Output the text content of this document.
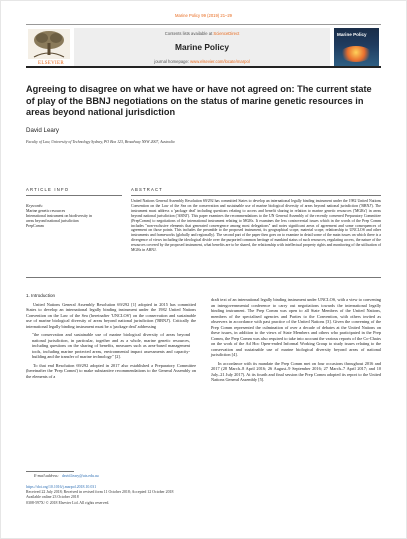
Marine Policy 99 (2019) 21–29
ELSEVIER
Contents lists available at ScienceDirect
Marine Policy
journal homepage: www.elsevier.com/locate/marpol
Marine Policy
Agreeing to disagree on what we have or have not agreed on: The current state of play of the BBNJ negotiations on the status of marine genetic resources in areas beyond national jurisdiction
David Leary
Faculty of Law, University of Technology Sydney, PO Box 123, Broadway NSW 2007, Australia
ARTICLE INFO	ABSTRACT
Keywords:
Marine genetic resources
International instrument on biodiversity in
areas beyond national jurisdiction
PrepComm
United Nations General Assembly Resolution 69/292 has committed States to develop an international legally binding instrument under the 1982 United Nations Convention on the Law of the Sea on the conservation and sustainable use of marine biological diversity of areas beyond national jurisdiction ('BBNJ'). The instrument must address a 'package deal' including questions relating to access and benefit sharing in relation to marine genetic resources ('MGRs') in areas beyond national jurisdiction ('ABNJ'). This paper examines the recommendations to the UN General Assembly of the recently convened Preparatory Committee (PrepComm) to negotiations of the international instrument relating to MGRs. It examines the less controversial issues which in the words of the Prep Comm includes "non-exclusive elements that generated convergence among most delegations" and notes significant areas of agreement and some consequences of agreement on those points. This includes the preamble to the proposed instrument, its geographical scope, material scope, relationship to UNCLOS and other instruments and frameworks (globally and regionally). The second part of the paper then goes on to examine in detail some of the main issues on which there is a divergence of views including the ideological divide over the purported common heritage of mankind status of such resources, regulating access, the nature of the resources covered by the proposed instrument, what benefits are to be shared, the relationship with intellectual property rights and monitoring of the utilisation of MGRs in ABNJ.

1. Introduction

United Nations General Assembly Resolution 69/292 [1] adopted in 2015 has committed States to develop an international legally binding instrument under the 1982 United Nations Convention on the Law of the Sea (hereinafter 'UNCLOS') on the conservation and sustainable use of marine biological diversity of areas beyond national jurisdiction ('BBNJ'). Critically the international legally binding instrument must be a 'package deal' addressing

"the conservation and sustainable use of marine biological diversity of areas beyond national jurisdiction, in particular, together and as a whole, marine genetic resources, including questions on the sharing of benefits, measures such as area-based management tools, including marine protected areas, environmental impact assessments and capacity-building and the transfer of marine technology" [2].

To that end Resolution 69/292 adopted in 2017 also established a Preparatory Committee (hereinafter the 'Prep Comm') to make substantive recommendations to the General Assembly on the elements of a

draft text of an international legally binding instrument under UNCLOS, with a view to convening an intergovernmental conference to carry out negotiations towards the international legally binding instrument. The Prep Comm was open to all State Members of the United Nations, members of the specialised agencies and Parties to the Convention, with others invited as observers in accordance with past practice of the United Nations [3]. Given the convening of the Prep Comm represented the culmination of over a decade of debates at the United Nations on these issues, in addition to the views of State Members and others who participated in the Prep Comm, the Prep Comm was also required to take into account the various reports of the Co-Chairs on the work of the Ad Hoc Open-ended Informal Working Group to study issues relating to the conservation and sustainable use of marine biological diversity beyond areas of national jurisdiction [4].

In accordance with its mandate the Prep Comm met on four occasions throughout 2016 and 2017 (28 March–8 April 2016; 26 August–9 September 2016; 27 March–7 April 2017; and 10 July–21 July 2017). At its fourth and final session the Prep Comm adopted its report to the United Nations General Assembly [5].

E-mail address: david.leary@uts.edu.au
https://doi.org/10.1016/j.marpol.2018.10.031
Received 22 July 2018; Received in revised form 11 October 2018; Accepted 12 October 2018
Available online 23 October 2018
0308-597X/ © 2018 Elsevier Ltd. All rights reserved.
